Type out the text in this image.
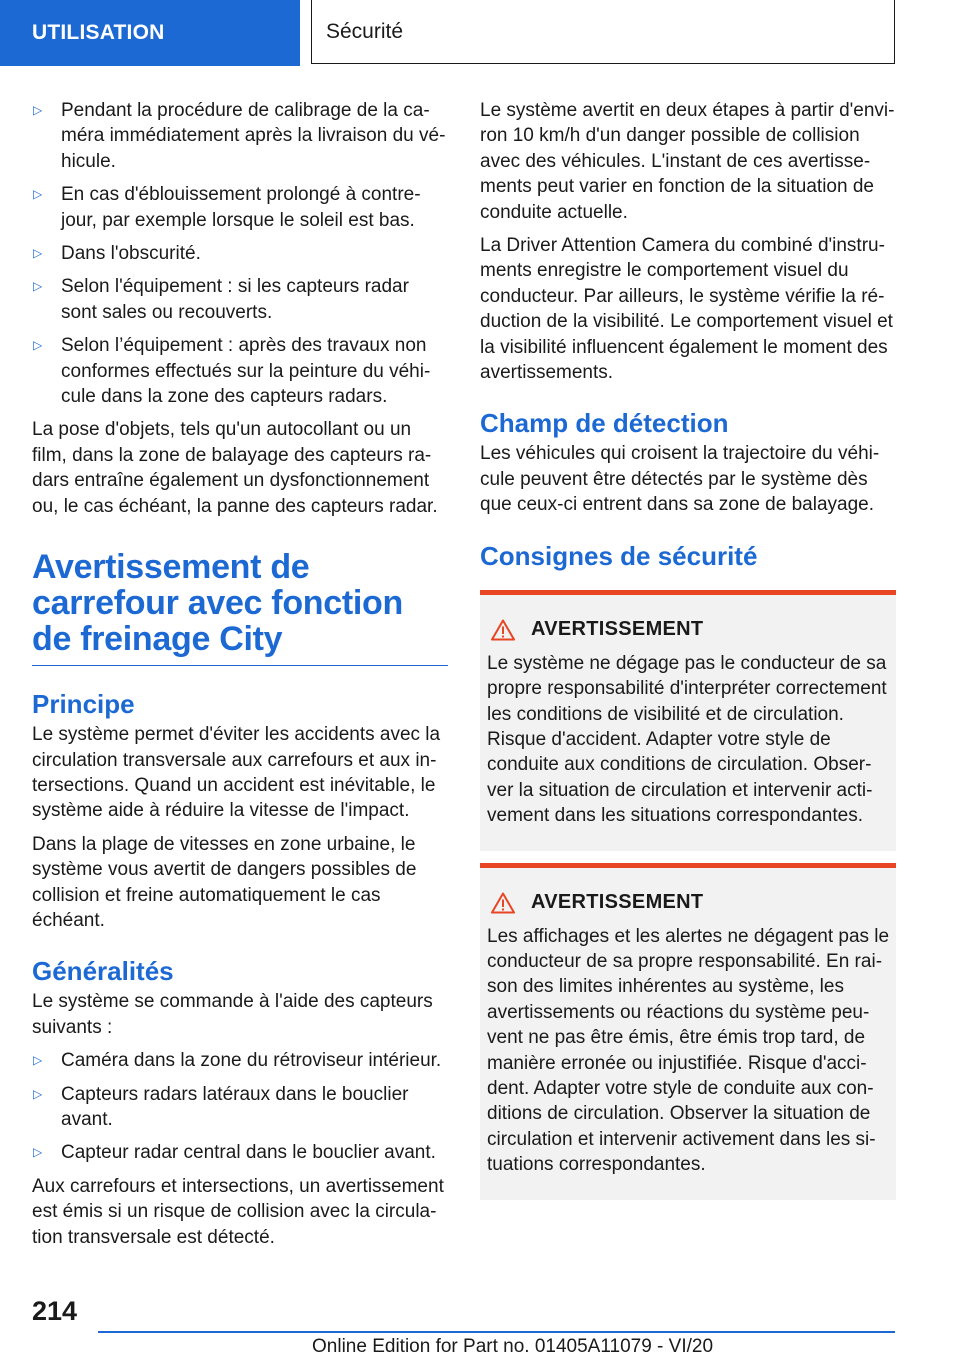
UTILISATION	Sécurité
▷ Pendant la procédure de calibrage de la caméra immédiatement après la livraison du véhicule.
▷ En cas d'éblouissement prolongé à contre-jour, par exemple lorsque le soleil est bas.
▷ Dans l'obscurité.
▷ Selon l'équipement : si les capteurs radar sont sales ou recouverts.
▷ Selon l’équipement : après des travaux non conformes effectués sur la peinture du véhicule dans la zone des capteurs radars.

La pose d'objets, tels qu'un autocollant ou un film, dans la zone de balayage des capteurs radars entraîne également un dysfonctionnement ou, le cas échéant, la panne des capteurs radar.

Avertissement de carrefour avec fonction de freinage City
Principe

Le système permet d'éviter les accidents avec la circulation transversale aux carrefours et aux intersections. Quand un accident est inévitable, le système aide à réduire la vitesse de l'impact.

Dans la plage de vitesses en zone urbaine, le système vous avertit de dangers possibles de collision et freine automatiquement le cas échéant.

Généralités

Le système se commande à l'aide des capteurs suivants :

▷ Caméra dans la zone du rétroviseur intérieur.
▷ Capteurs radars latéraux dans le bouclier avant.
▷ Capteur radar central dans le bouclier avant.

Aux carrefours et intersections, un avertissement est émis si un risque de collision avec la circulation transversale est détecté.

Le système avertit en deux étapes à partir d'environ 10 km/h d'un danger possible de collision avec des véhicules. L'instant de ces avertissements peut varier en fonction de la situation de conduite actuelle.

La Driver Attention Camera du combiné d'instruments enregistre le comportement visuel du conducteur. Par ailleurs, le système vérifie la réduction de la visibilité. Le comportement visuel et la visibilité influencent également le moment des avertissements.

Champ de détection

Les véhicules qui croisent la trajectoire du véhicule peuvent être détectés par le système dès que ceux-ci entrent dans sa zone de balayage.

Consignes de sécurité
AVERTISSEMENT

Le système ne dégage pas le conducteur de sa propre responsabilité d'interpréter correctement les conditions de visibilité et de circulation. Risque d'accident. Adapter votre style de conduite aux conditions de circulation. Observer la situation de circulation et intervenir activement dans les situations correspondantes.

AVERTISSEMENT

Les affichages et les alertes ne dégagent pas le conducteur de sa propre responsabilité. En raison des limites inhérentes au système, les avertissements ou réactions du système peuvent ne pas être émis, être émis trop tard, de manière erronée ou injustifiée. Risque d'accident. Adapter votre style de conduite aux conditions de circulation. Observer la situation de circulation et intervenir activement dans les situations correspondantes.

214
Online Edition for Part no. 01405A11079 - VI/20
